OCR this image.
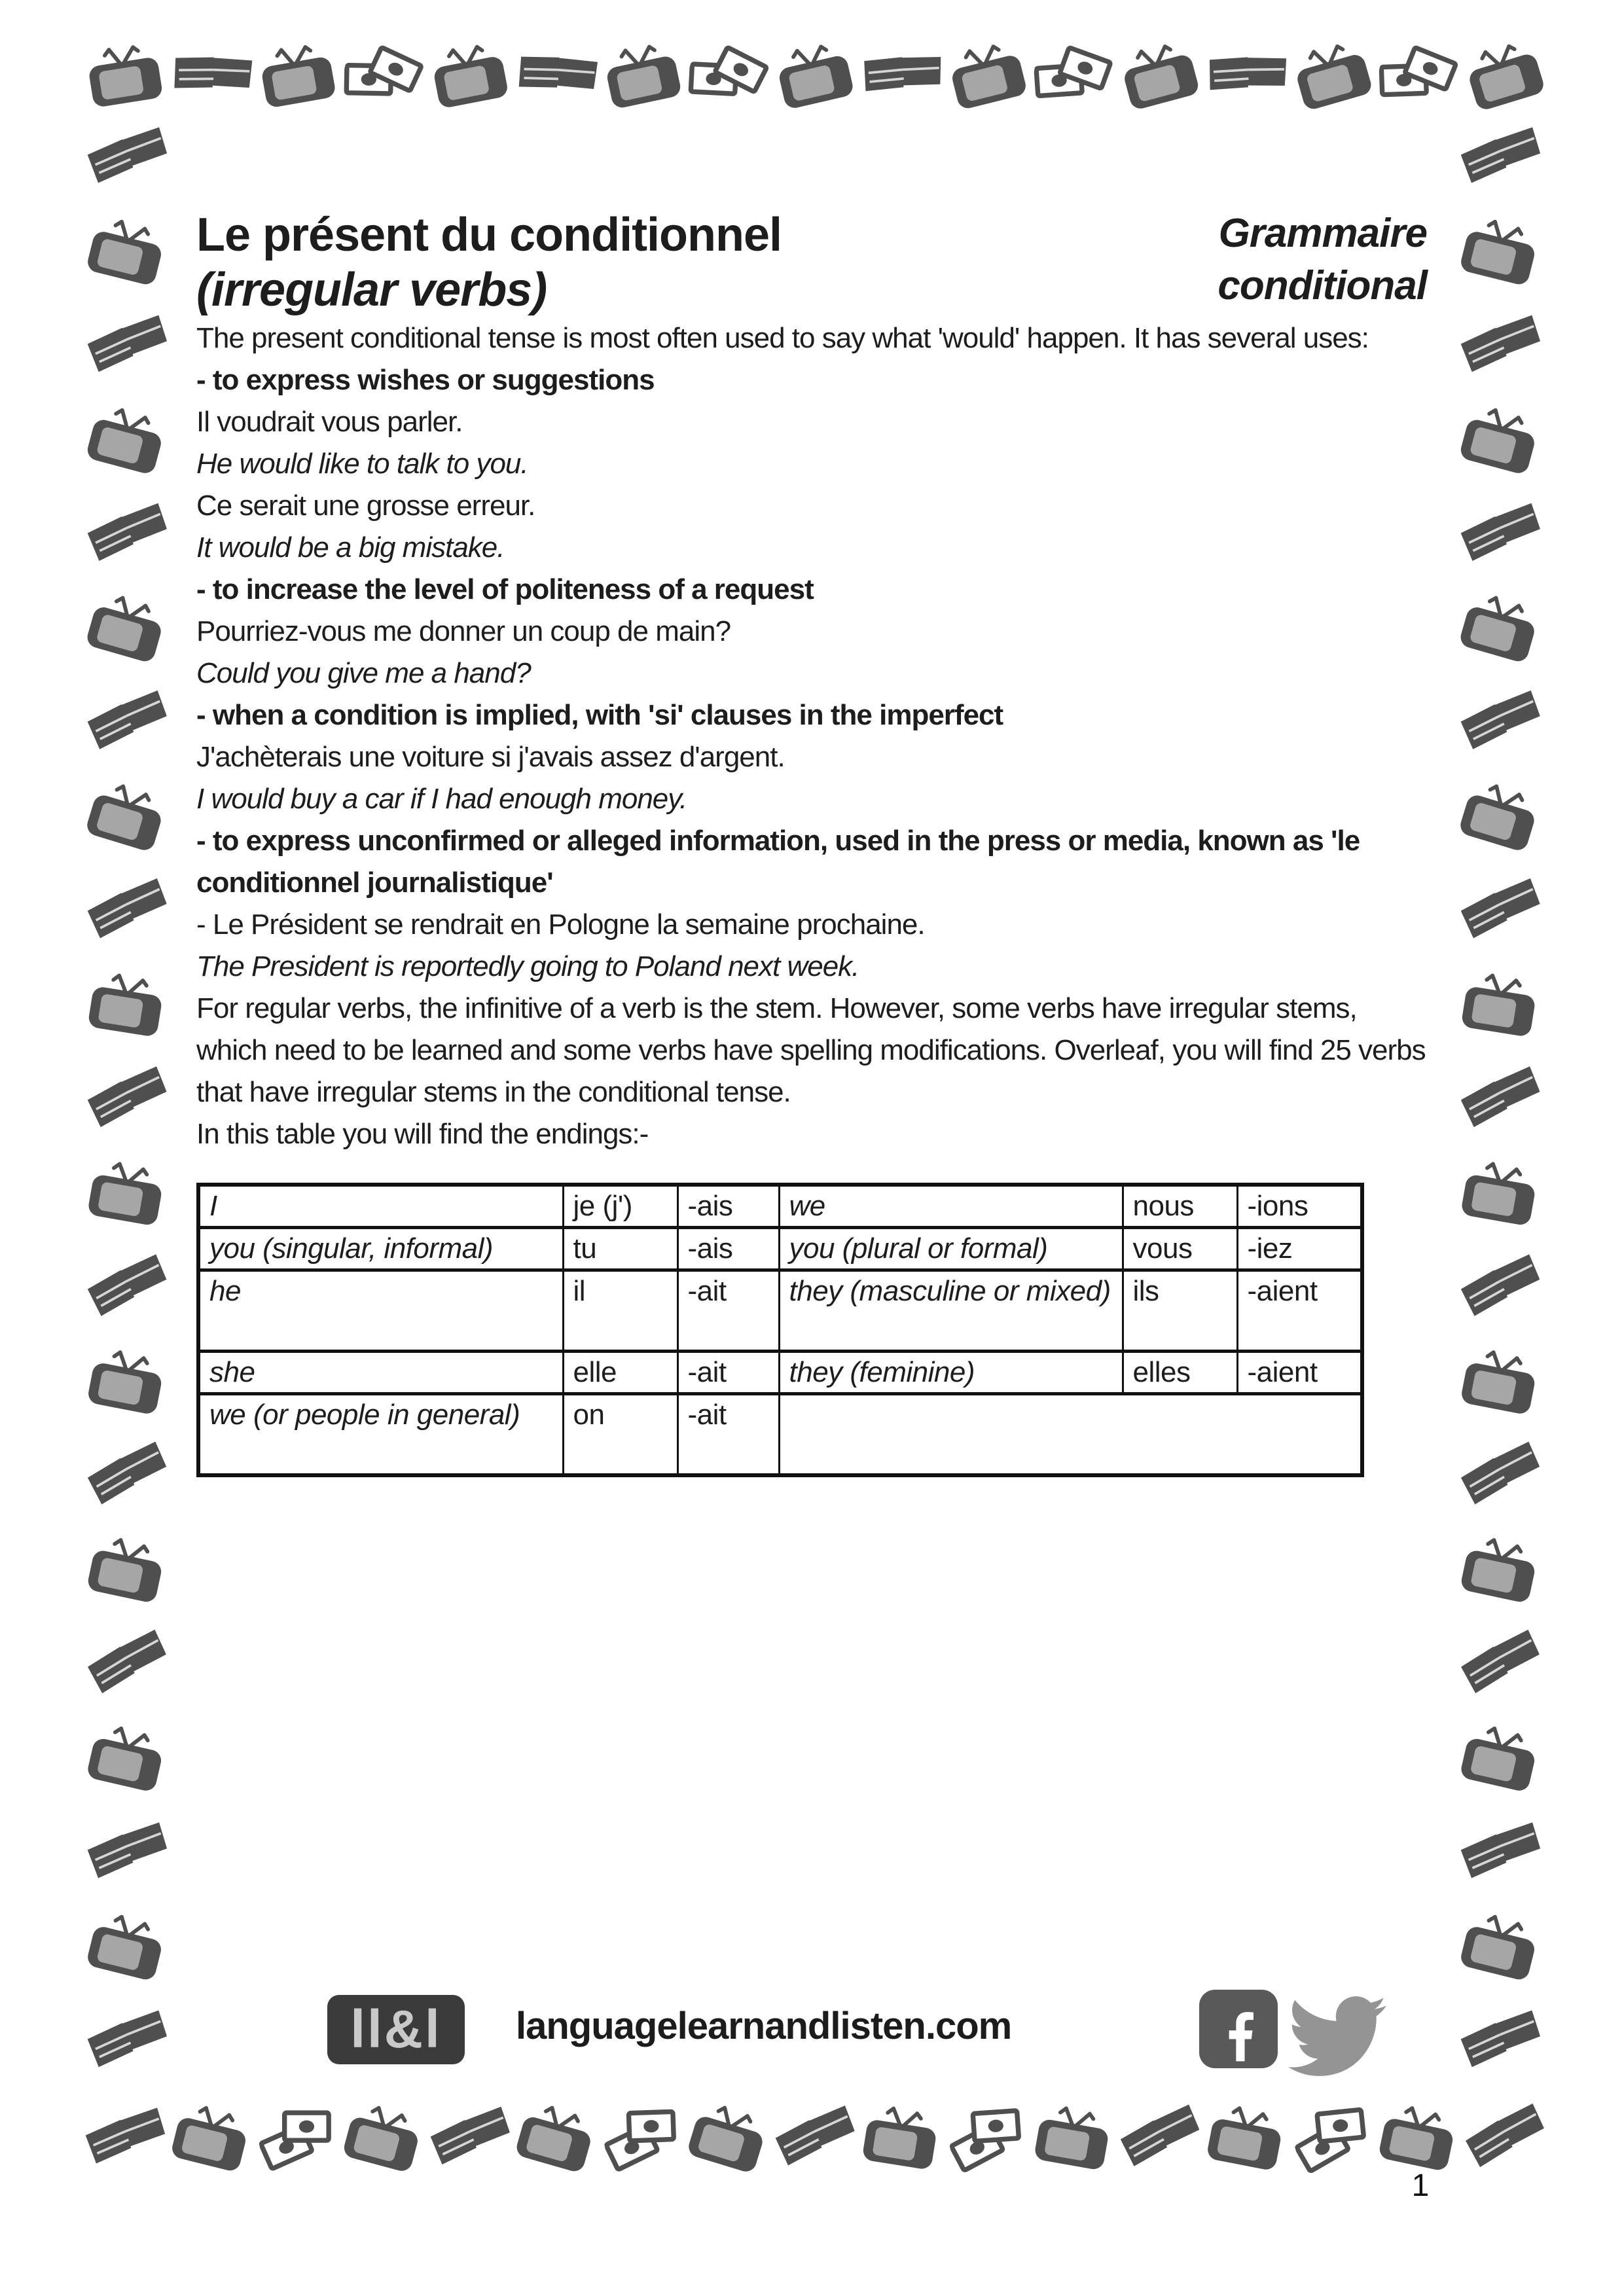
Le présent du conditionnel
(irregular verbs)
Grammaire
conditional

The present conditional tense is most often used to say what 'would' happen. It has several uses:

- to express wishes or suggestions

Il voudrait vous parler.

He would like to talk to you.

Ce serait une grosse erreur.

It would be a big mistake.

- to increase the level of politeness of a request

Pourriez-vous me donner un coup de main?

Could you give me a hand?

- when a condition is implied, with 'si' clauses in the imperfect

J'achèterais une voiture si j'avais assez d'argent.

I would buy a car if I had enough money.

- to express unconfirmed or alleged information, used in the press or media, known as 'le conditionnel journalistique'

- Le Président se rendrait en Pologne la semaine prochaine.

The President is reportedly going to Poland next week.

For regular verbs, the infinitive of a verb is the stem. However, some verbs have irregular stems, which need to be learned and some verbs have spelling modifications. Overleaf, you will find 25 verbs that have irregular stems in the conditional tense.

In this table you will find the endings:-

I	je (j')	-ais	we	nous	-ions
you (singular, informal)	tu	-ais	you (plural or formal)	vous	-iez
he	il	-ait	they (masculine or mixed)	ils	-aient
she	elle	-ait	they (feminine)	elles	-aient
we (or people in general)	on	-ait			
ll&l	languagelearnandlisten.com
1
